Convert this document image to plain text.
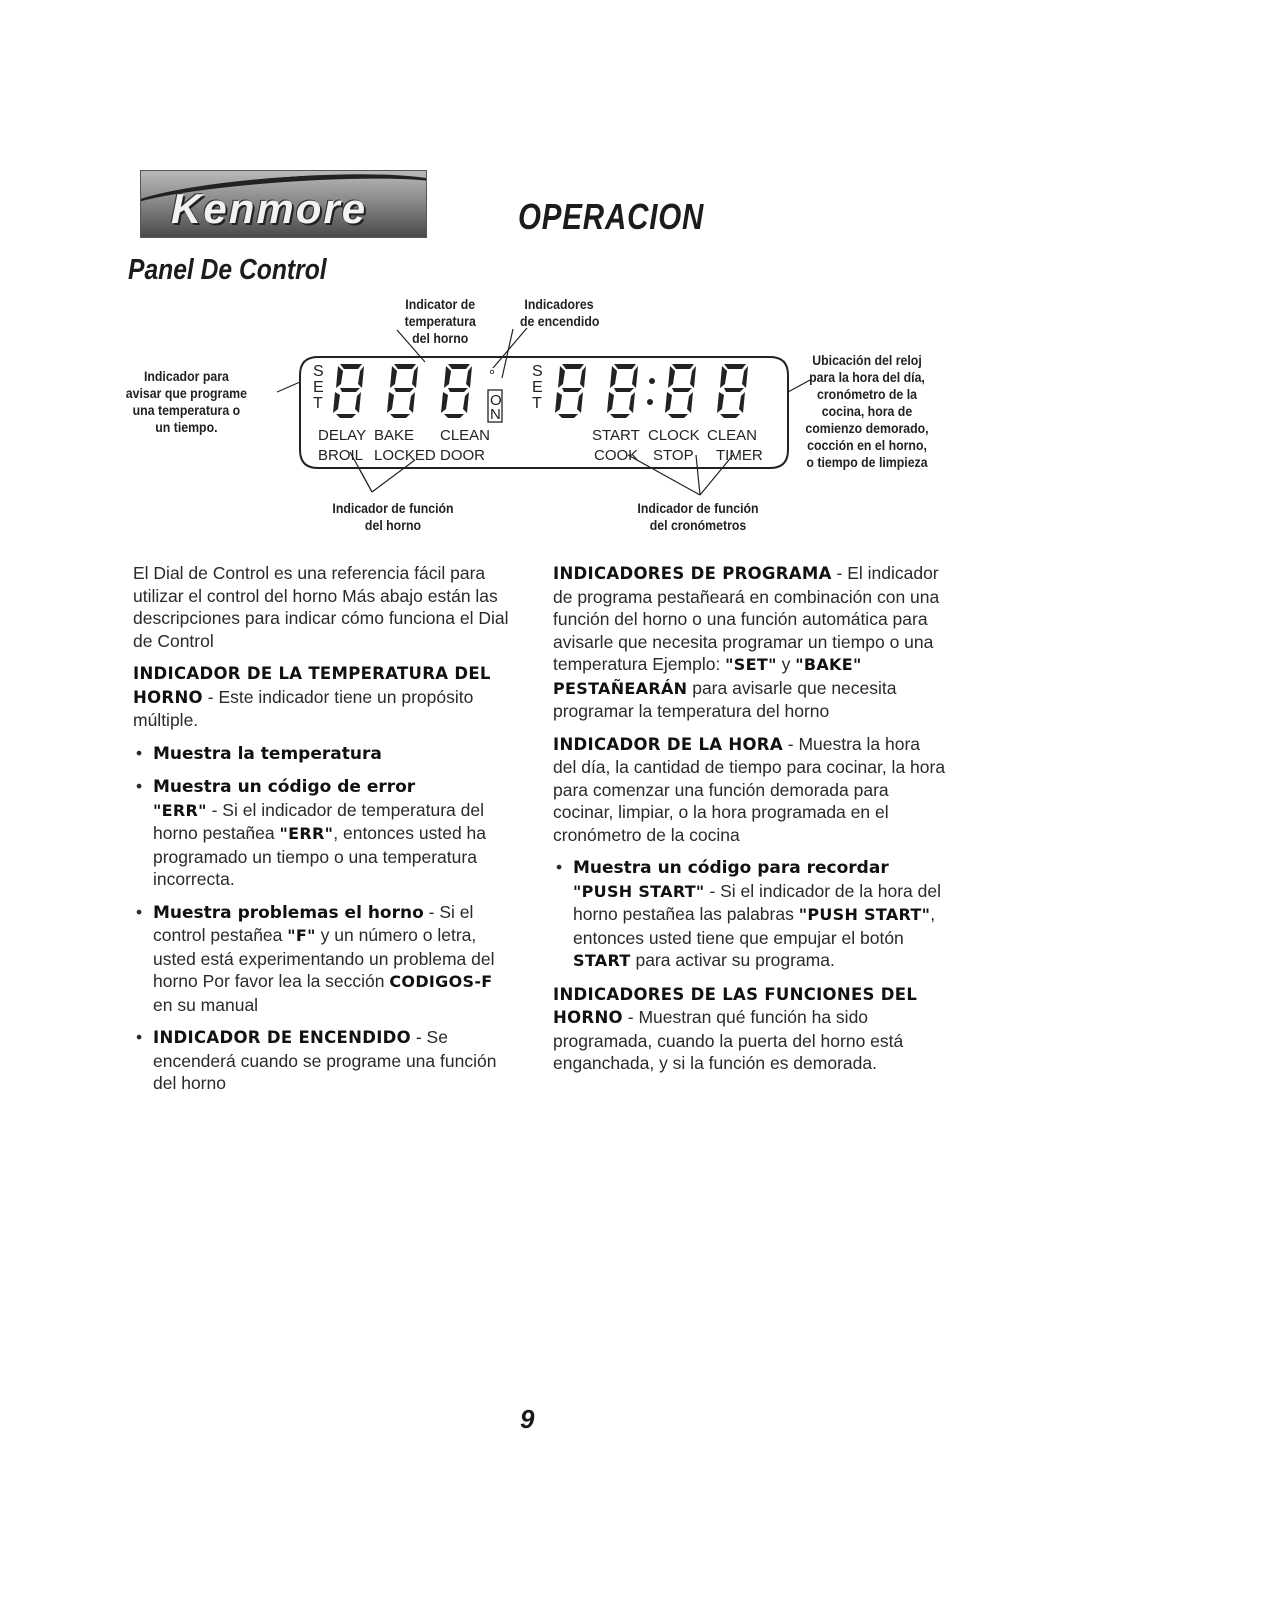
Kenmore	OPERACION
Panel De Control
Indicator de temperatura
del horno
Indicadores
de encendido
Indicador para
avisar que programe
una temperatura o
un tiempo.
Ubicación del reloj
para la hora del día,
cronómetro de la
cocina, hora de
comienzo demorado,
cocción en el horno,
o tiempo de limpieza
Indicador de función
del horno
Indicador de función
del cronómetros
S
E
T
°
O
N
DELAY BAKE CLEAN
BROIL LOCKED DOOR
S
E
T
START CLOCK CLEAN
COOK STOP TIMER

El Dial de Control es una referencia fácil para utilizar el control del horno Más abajo están las descripciones para indicar cómo funciona el Dial de Control

INDICADOR DE LA TEMPERATURA DEL HORNO - Este indicador tiene un propósito múltiple.

• Muestra la temperatura
• Muestra un código de error
"ERR" - Si el indicador de temperatura del horno pestañea "ERR", entonces usted ha programado un tiempo o una temperatura incorrecta.
• Muestra problemas el horno - Si el control pestañea "F" y un número o letra, usted está experimentando un problema del horno Por favor lea la sección CODIGOS-F en su manual
• INDICADOR DE ENCENDIDO - Se encenderá cuando se programe una función del horno

INDICADORES DE PROGRAMA - El indicador de programa pestañeará en combinación con una función del horno o una función automática para avisarle que necesita programar un tiempo o una temperatura Ejemplo: "SET" y "BAKE"
PESTAÑEARÁN para avisarle que necesita programar la temperatura del horno

INDICADOR DE LA HORA - Muestra la hora del día, la cantidad de tiempo para cocinar, la hora para comenzar una función demorada para cocinar, limpiar, o la hora programada en el cronómetro de la cocina

• Muestra un código para recordar
"PUSH START" - Si el indicador de la hora del horno pestañea las palabras "PUSH START", entonces usted tiene que empujar el botón START para activar su programa.

INDICADORES DE LAS FUNCIONES DEL HORNO - Muestran qué función ha sido programada, cuando la puerta del horno está enganchada, y si la función es demorada.

9
